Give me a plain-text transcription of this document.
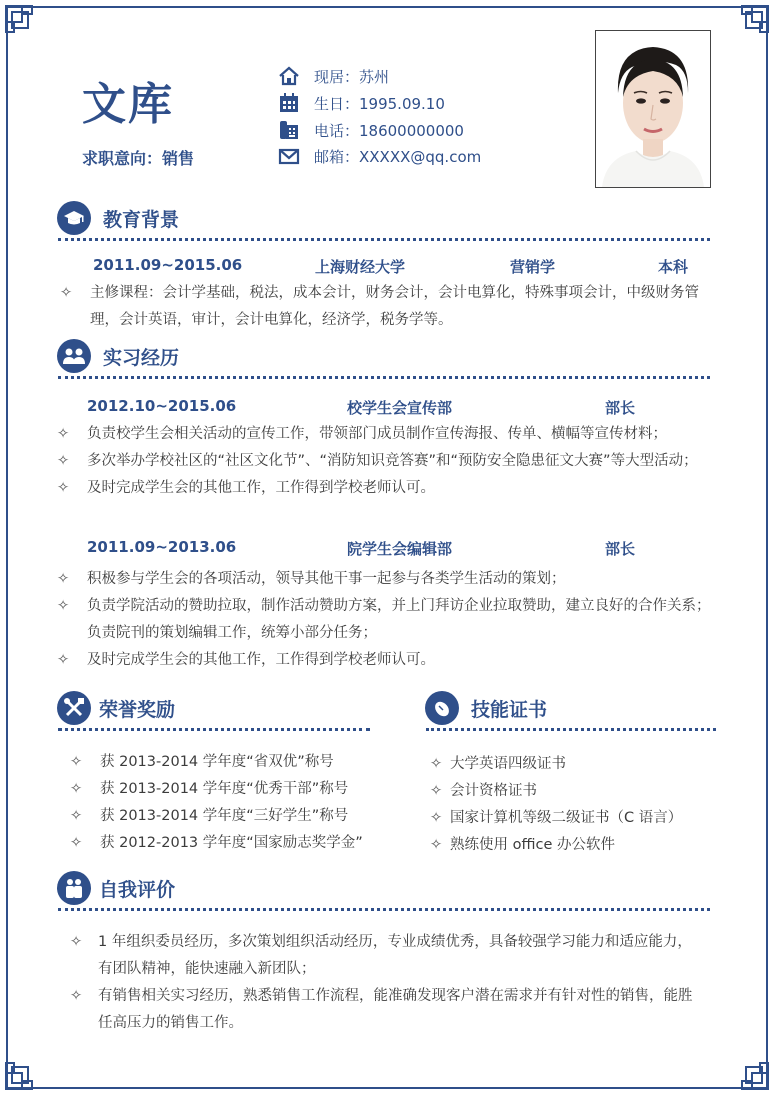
文库
求职意向：销售
现居：苏州
生日：1995.09.10
电话：18600000000
邮箱：XXXXX@qq.com
教育背景
2011.09~2015.06	上海财经大学	营销学	本科
✧	主修课程：会计学基础，税法，成本会计，财务会计，会计电算化，特殊事项会计，中级财务管理，会计英语，审计，会计电算化，经济学，税务学等。
实习经历
2012.10~2015.06	校学生会宣传部	部长
✧	负责校学生会相关活动的宣传工作，带领部门成员制作宣传海报、传单、横幅等宣传材料；
✧	多次举办学校社区的“社区文化节”、“消防知识竞答赛”和“预防安全隐患征文大赛”等大型活动；
✧	及时完成学生会的其他工作，工作得到学校老师认可。
2011.09~2013.06	院学生会编辑部	部长
✧	积极参与学生会的各项活动，领导其他干事一起参与各类学生活动的策划；
✧	负责学院活动的赞助拉取，制作活动赞助方案，并上门拜访企业拉取赞助，建立良好的合作关系；负责院刊的策划编辑工作，统筹小部分任务；
✧	及时完成学生会的其他工作，工作得到学校老师认可。
荣誉奖励
✧	获 2013-2014 学年度“省双优”称号
✧	获 2013-2014 学年度“优秀干部”称号
✧	获 2013-2014 学年度“三好学生”称号
✧	获 2012-2013 学年度“国家励志奖学金”
技能证书
✧ 大学英语四级证书
✧ 会计资格证书
✧ 国家计算机等级二级证书（C 语言）
✧ 熟练使用 office 办公软件
自我评价
✧	1 年组织委员经历，多次策划组织活动经历，专业成绩优秀，具备较强学习能力和适应能力，有团队精神，能快速融入新团队；
✧	有销售相关实习经历，熟悉销售工作流程，能准确发现客户潜在需求并有针对性的销售，能胜任高压力的销售工作。
